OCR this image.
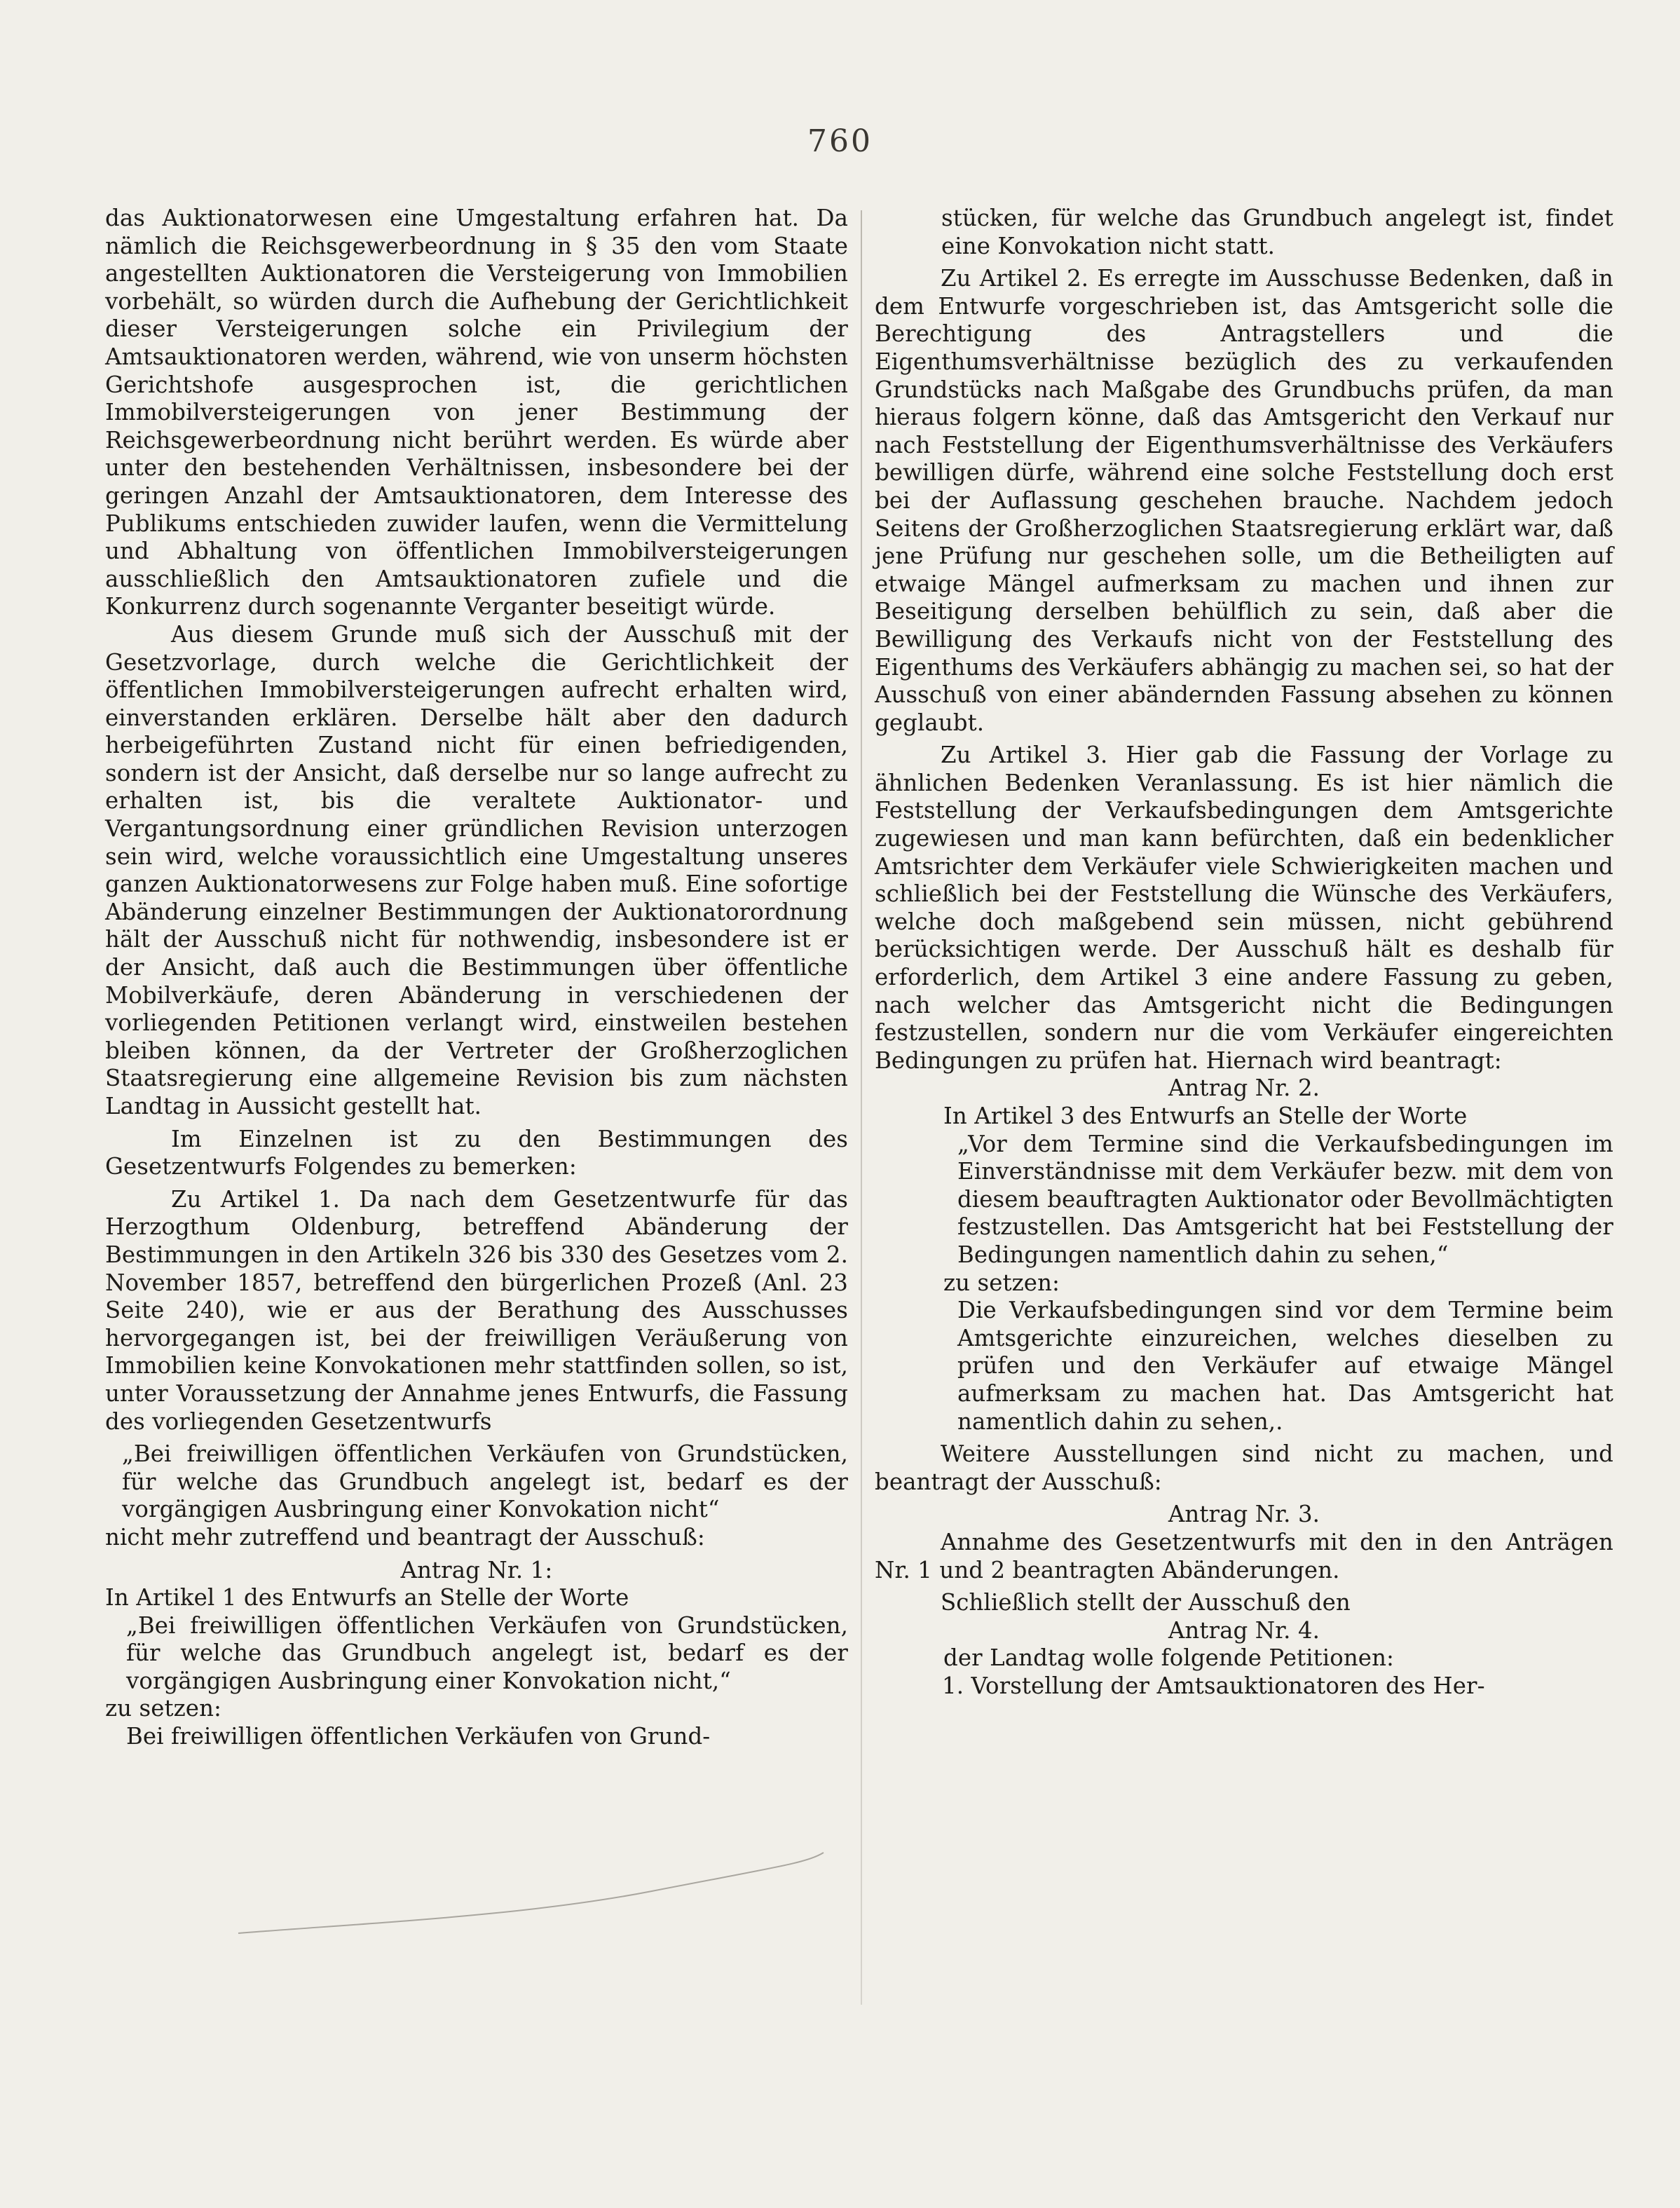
760

das Auktionatorwesen eine Umgestaltung erfahren hat. Da nämlich die Reichsgewerbeordnung in § 35 den vom Staate angestellten Auktionatoren die Versteigerung von Immobilien vorbehält, so würden durch die Aufhebung der Gerichtlichkeit dieser Versteigerungen solche ein Privilegium der Amtsauktionatoren werden, während, wie von unserm höchsten Gerichtshofe ausgesprochen ist, die gerichtlichen Immobilversteigerungen von jener Bestimmung der Reichsgewerbeordnung nicht berührt werden. Es würde aber unter den bestehenden Verhältnissen, insbesondere bei der geringen Anzahl der Amtsauktionatoren, dem Interesse des Publikums entschieden zuwider laufen, wenn die Vermittelung und Abhaltung von öffentlichen Immobilversteigerungen ausschließlich den Amtsauktionatoren zufiele und die Konkurrenz durch sogenannte Verganter beseitigt würde.

Aus diesem Grunde muß sich der Ausschuß mit der Gesetzvorlage, durch welche die Gerichtlichkeit der öffentlichen Immobilversteigerungen aufrecht erhalten wird, einverstanden erklären. Derselbe hält aber den dadurch herbeigeführten Zustand nicht für einen befriedigenden, sondern ist der Ansicht, daß derselbe nur so lange aufrecht zu erhalten ist, bis die veraltete Auktionator- und Vergantungsordnung einer gründlichen Revision unterzogen sein wird, welche voraussichtlich eine Umgestaltung unseres ganzen Auktionatorwesens zur Folge haben muß. Eine sofortige Abänderung einzelner Bestimmungen der Auktionatorordnung hält der Ausschuß nicht für nothwendig, insbesondere ist er der Ansicht, daß auch die Bestimmungen über öffentliche Mobilverkäufe, deren Abänderung in verschiedenen der vorliegenden Petitionen verlangt wird, einstweilen bestehen bleiben können, da der Vertreter der Großherzoglichen Staatsregierung eine allgemeine Revision bis zum nächsten Landtag in Aussicht gestellt hat.

Im Einzelnen ist zu den Bestimmungen des Gesetzentwurfs Folgendes zu bemerken:

Zu Artikel 1. Da nach dem Gesetzentwurfe für das Herzogthum Oldenburg, betreffend Abänderung der Bestimmungen in den Artikeln 326 bis 330 des Gesetzes vom 2. November 1857, betreffend den bürgerlichen Prozeß (Anl. 23 Seite 240), wie er aus der Berathung des Ausschusses hervorgegangen ist, bei der freiwilligen Veräußerung von Immobilien keine Konvokationen mehr stattfinden sollen, so ist, unter Voraussetzung der Annahme jenes Entwurfs, die Fassung des vorliegenden Gesetzentwurfs

„Bei freiwilligen öffentlichen Verkäufen von Grundstücken, für welche das Grundbuch angelegt ist, bedarf es der vorgängigen Ausbringung einer Konvokation nicht“

nicht mehr zutreffend und beantragt der Ausschuß:

Antrag Nr. 1:

In Artikel 1 des Entwurfs an Stelle der Worte

„Bei freiwilligen öffentlichen Verkäufen von Grundstücken, für welche das Grundbuch angelegt ist, bedarf es der vorgängigen Ausbringung einer Konvokation nicht,“

zu setzen:

Bei freiwilligen öffentlichen Verkäufen von Grund-

stücken, für welche das Grundbuch angelegt ist, findet eine Konvokation nicht statt.

Zu Artikel 2. Es erregte im Ausschusse Bedenken, daß in dem Entwurfe vorgeschrieben ist, das Amtsgericht solle die Berechtigung des Antragstellers und die Eigenthumsverhältnisse bezüglich des zu verkaufenden Grundstücks nach Maßgabe des Grundbuchs prüfen, da man hieraus folgern könne, daß das Amtsgericht den Verkauf nur nach Feststellung der Eigenthumsverhältnisse des Verkäufers bewilligen dürfe, während eine solche Feststellung doch erst bei der Auflassung geschehen brauche. Nachdem jedoch Seitens der Großherzoglichen Staatsregierung erklärt war, daß jene Prüfung nur geschehen solle, um die Betheiligten auf etwaige Mängel aufmerksam zu machen und ihnen zur Beseitigung derselben behülflich zu sein, daß aber die Bewilligung des Verkaufs nicht von der Feststellung des Eigenthums des Verkäufers abhängig zu machen sei, so hat der Ausschuß von einer abändernden Fassung absehen zu können geglaubt.

Zu Artikel 3. Hier gab die Fassung der Vorlage zu ähnlichen Bedenken Veranlassung. Es ist hier nämlich die Feststellung der Verkaufsbedingungen dem Amtsgerichte zugewiesen und man kann befürchten, daß ein bedenklicher Amtsrichter dem Verkäufer viele Schwierigkeiten machen und schließlich bei der Feststellung die Wünsche des Verkäufers, welche doch maßgebend sein müssen, nicht gebührend berücksichtigen werde. Der Ausschuß hält es deshalb für erforderlich, dem Artikel 3 eine andere Fassung zu geben, nach welcher das Amtsgericht nicht die Bedingungen festzustellen, sondern nur die vom Verkäufer eingereichten Bedingungen zu prüfen hat. Hiernach wird beantragt:

Antrag Nr. 2.

In Artikel 3 des Entwurfs an Stelle der Worte

„Vor dem Termine sind die Verkaufsbedingungen im Einverständnisse mit dem Verkäufer bezw. mit dem von diesem beauftragten Auktionator oder Bevollmächtigten festzustellen. Das Amtsgericht hat bei Feststellung der Bedingungen namentlich dahin zu sehen,“

zu setzen:

Die Verkaufsbedingungen sind vor dem Termine beim Amtsgerichte einzureichen, welches dieselben zu prüfen und den Verkäufer auf etwaige Mängel aufmerksam zu machen hat. Das Amtsgericht hat namentlich dahin zu sehen,.

Weitere Ausstellungen sind nicht zu machen, und beantragt der Ausschuß:

Antrag Nr. 3.

Annahme des Gesetzentwurfs mit den in den Anträgen Nr. 1 und 2 beantragten Abänderungen.

Schließlich stellt der Ausschuß den

Antrag Nr. 4.

der Landtag wolle folgende Petitionen:

1. Vorstellung der Amtsauktionatoren des Her-
